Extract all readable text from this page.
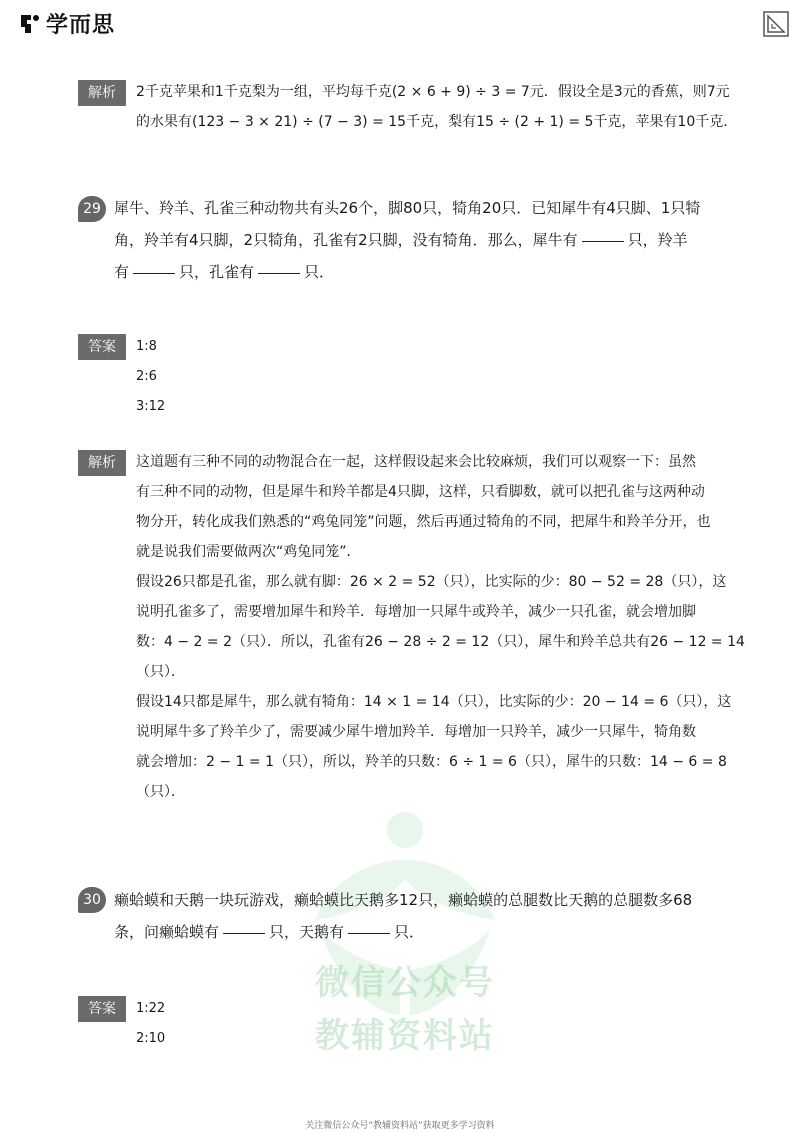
学而思
解析	2千克苹果和1千克梨为一组，平均每千克(2 × 6 + 9) ÷ 3 = 7元．假设全是3元的香蕉，则7元
的水果有(123 − 3 × 21) ÷ (7 − 3) = 15千克，梨有15 ÷ (2 + 1) = 5千克，苹果有10千克．
29 犀牛、羚羊、孔雀三种动物共有头26个，脚80只，犄角20只．已知犀牛有4只脚、1只犄
角，羚羊有4只脚，2只犄角，孔雀有2只脚，没有犄角．那么，犀牛有	只，羚羊
有	只，孔雀有	只．
答案	1:8
2:6
3:12
解析	这道题有三种不同的动物混合在一起，这样假设起来会比较麻烦，我们可以观察一下：虽然
有三种不同的动物，但是犀牛和羚羊都是4只脚，这样，只看脚数，就可以把孔雀与这两种动
物分开，转化成我们熟悉的“鸡兔同笼”问题，然后再通过犄角的不同，把犀牛和羚羊分开，也
就是说我们需要做两次“鸡兔同笼”．
假设26只都是孔雀，那么就有脚：26 × 2 = 52（只），比实际的少：80 − 52 = 28（只），这
说明孔雀多了，需要增加犀牛和羚羊．每增加一只犀牛或羚羊，减少一只孔雀，就会增加脚
数：4 − 2 = 2（只）．所以，孔雀有26 − 28 ÷ 2 = 12（只），犀牛和羚羊总共有26 − 12 = 14
（只）．
假设14只都是犀牛，那么就有犄角：14 × 1 = 14（只），比实际的少：20 − 14 = 6（只），这
说明犀牛多了羚羊少了，需要减少犀牛增加羚羊．每增加一只羚羊，减少一只犀牛，犄角数
就会增加：2 − 1 = 1（只），所以，羚羊的只数：6 ÷ 1 = 6（只），犀牛的只数：14 − 6 = 8
（只）．
微信公众号
教辅资料站
30 癞蛤蟆和天鹅一块玩游戏，癞蛤蟆比天鹅多12只，癞蛤蟆的总腿数比天鹅的总腿数多68
条，问癞蛤蟆有	只，天鹅有	只．
答案	1:22
2:10
关注微信公众号“教辅资料站”获取更多学习资料
